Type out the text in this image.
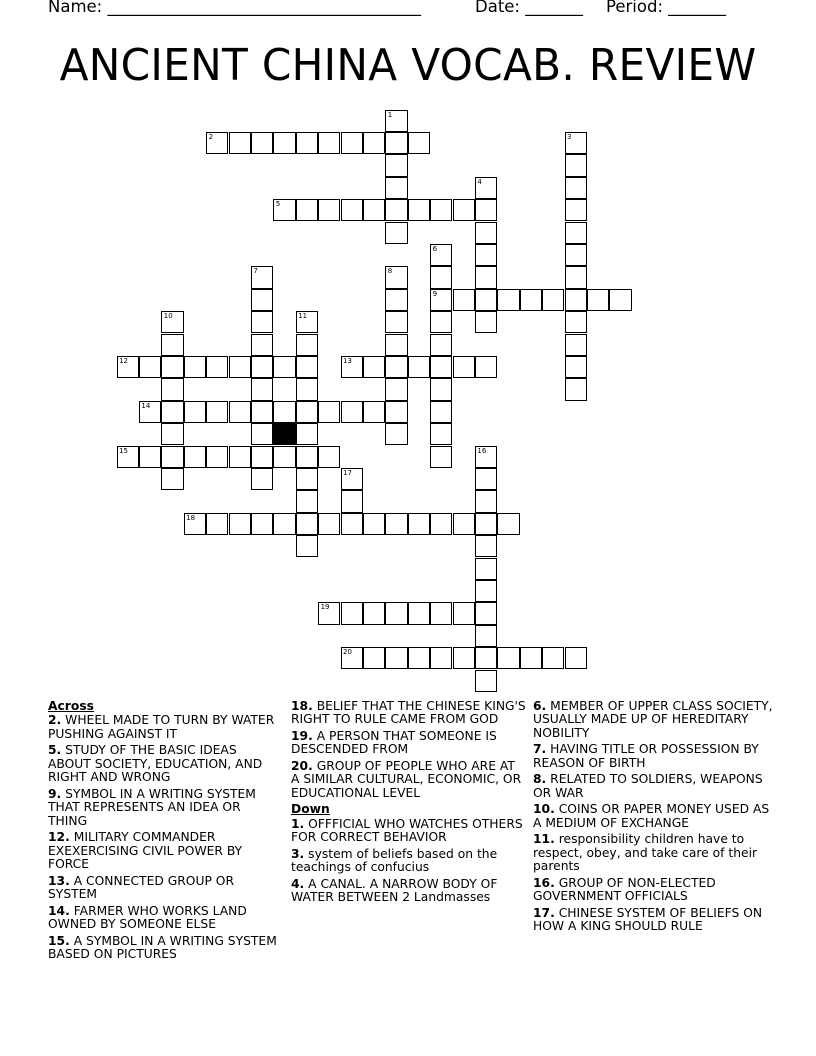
Name: ______________________________________	Date: _______ Period: _______
ANCIENT CHINA VOCAB. REVIEW
1
2	3
4
5
6
9
7	8
10	11
12	13
14
15	16
17
18
19
20
Across
2. WHEEL MADE TO TURN BY WATER PUSHING AGAINST IT
5. STUDY OF THE BASIC IDEAS ABOUT SOCIETY, EDUCATION, AND RIGHT AND WRONG
9. SYMBOL IN A WRITING SYSTEM THAT REPRESENTS AN IDEA OR THING
12. MILITARY COMMANDER EXEXERCISING CIVIL POWER BY FORCE
13. A CONNECTED GROUP OR SYSTEM
14. FARMER WHO WORKS LAND OWNED BY SOMEONE ELSE
15. A SYMBOL IN A WRITING SYSTEM BASED ON PICTURES
18. BELIEF THAT THE CHINESE KING'S RIGHT TO RULE CAME FROM GOD
19. A PERSON THAT SOMEONE IS DESCENDED FROM
20. GROUP OF PEOPLE WHO ARE AT A SIMILAR CULTURAL, ECONOMIC, OR EDUCATIONAL LEVEL
Down
1. OFFFICIAL WHO WATCHES OTHERS FOR CORRECT BEHAVIOR
3. system of beliefs based on the teachings of confucius
4. A CANAL. A NARROW BODY OF WATER BETWEEN 2 Landmasses
6. MEMBER OF UPPER CLASS SOCIETY, USUALLY MADE UP OF HEREDITARY NOBILITY
7. HAVING TITLE OR POSSESSION BY REASON OF BIRTH
8. RELATED TO SOLDIERS, WEAPONS OR WAR
10. COINS OR PAPER MONEY USED AS A MEDIUM OF EXCHANGE
11. responsibility children have to respect, obey, and take care of their parents
16. GROUP OF NON-ELECTED GOVERNMENT OFFICIALS
17. CHINESE SYSTEM OF BELIEFS ON HOW A KING SHOULD RULE
